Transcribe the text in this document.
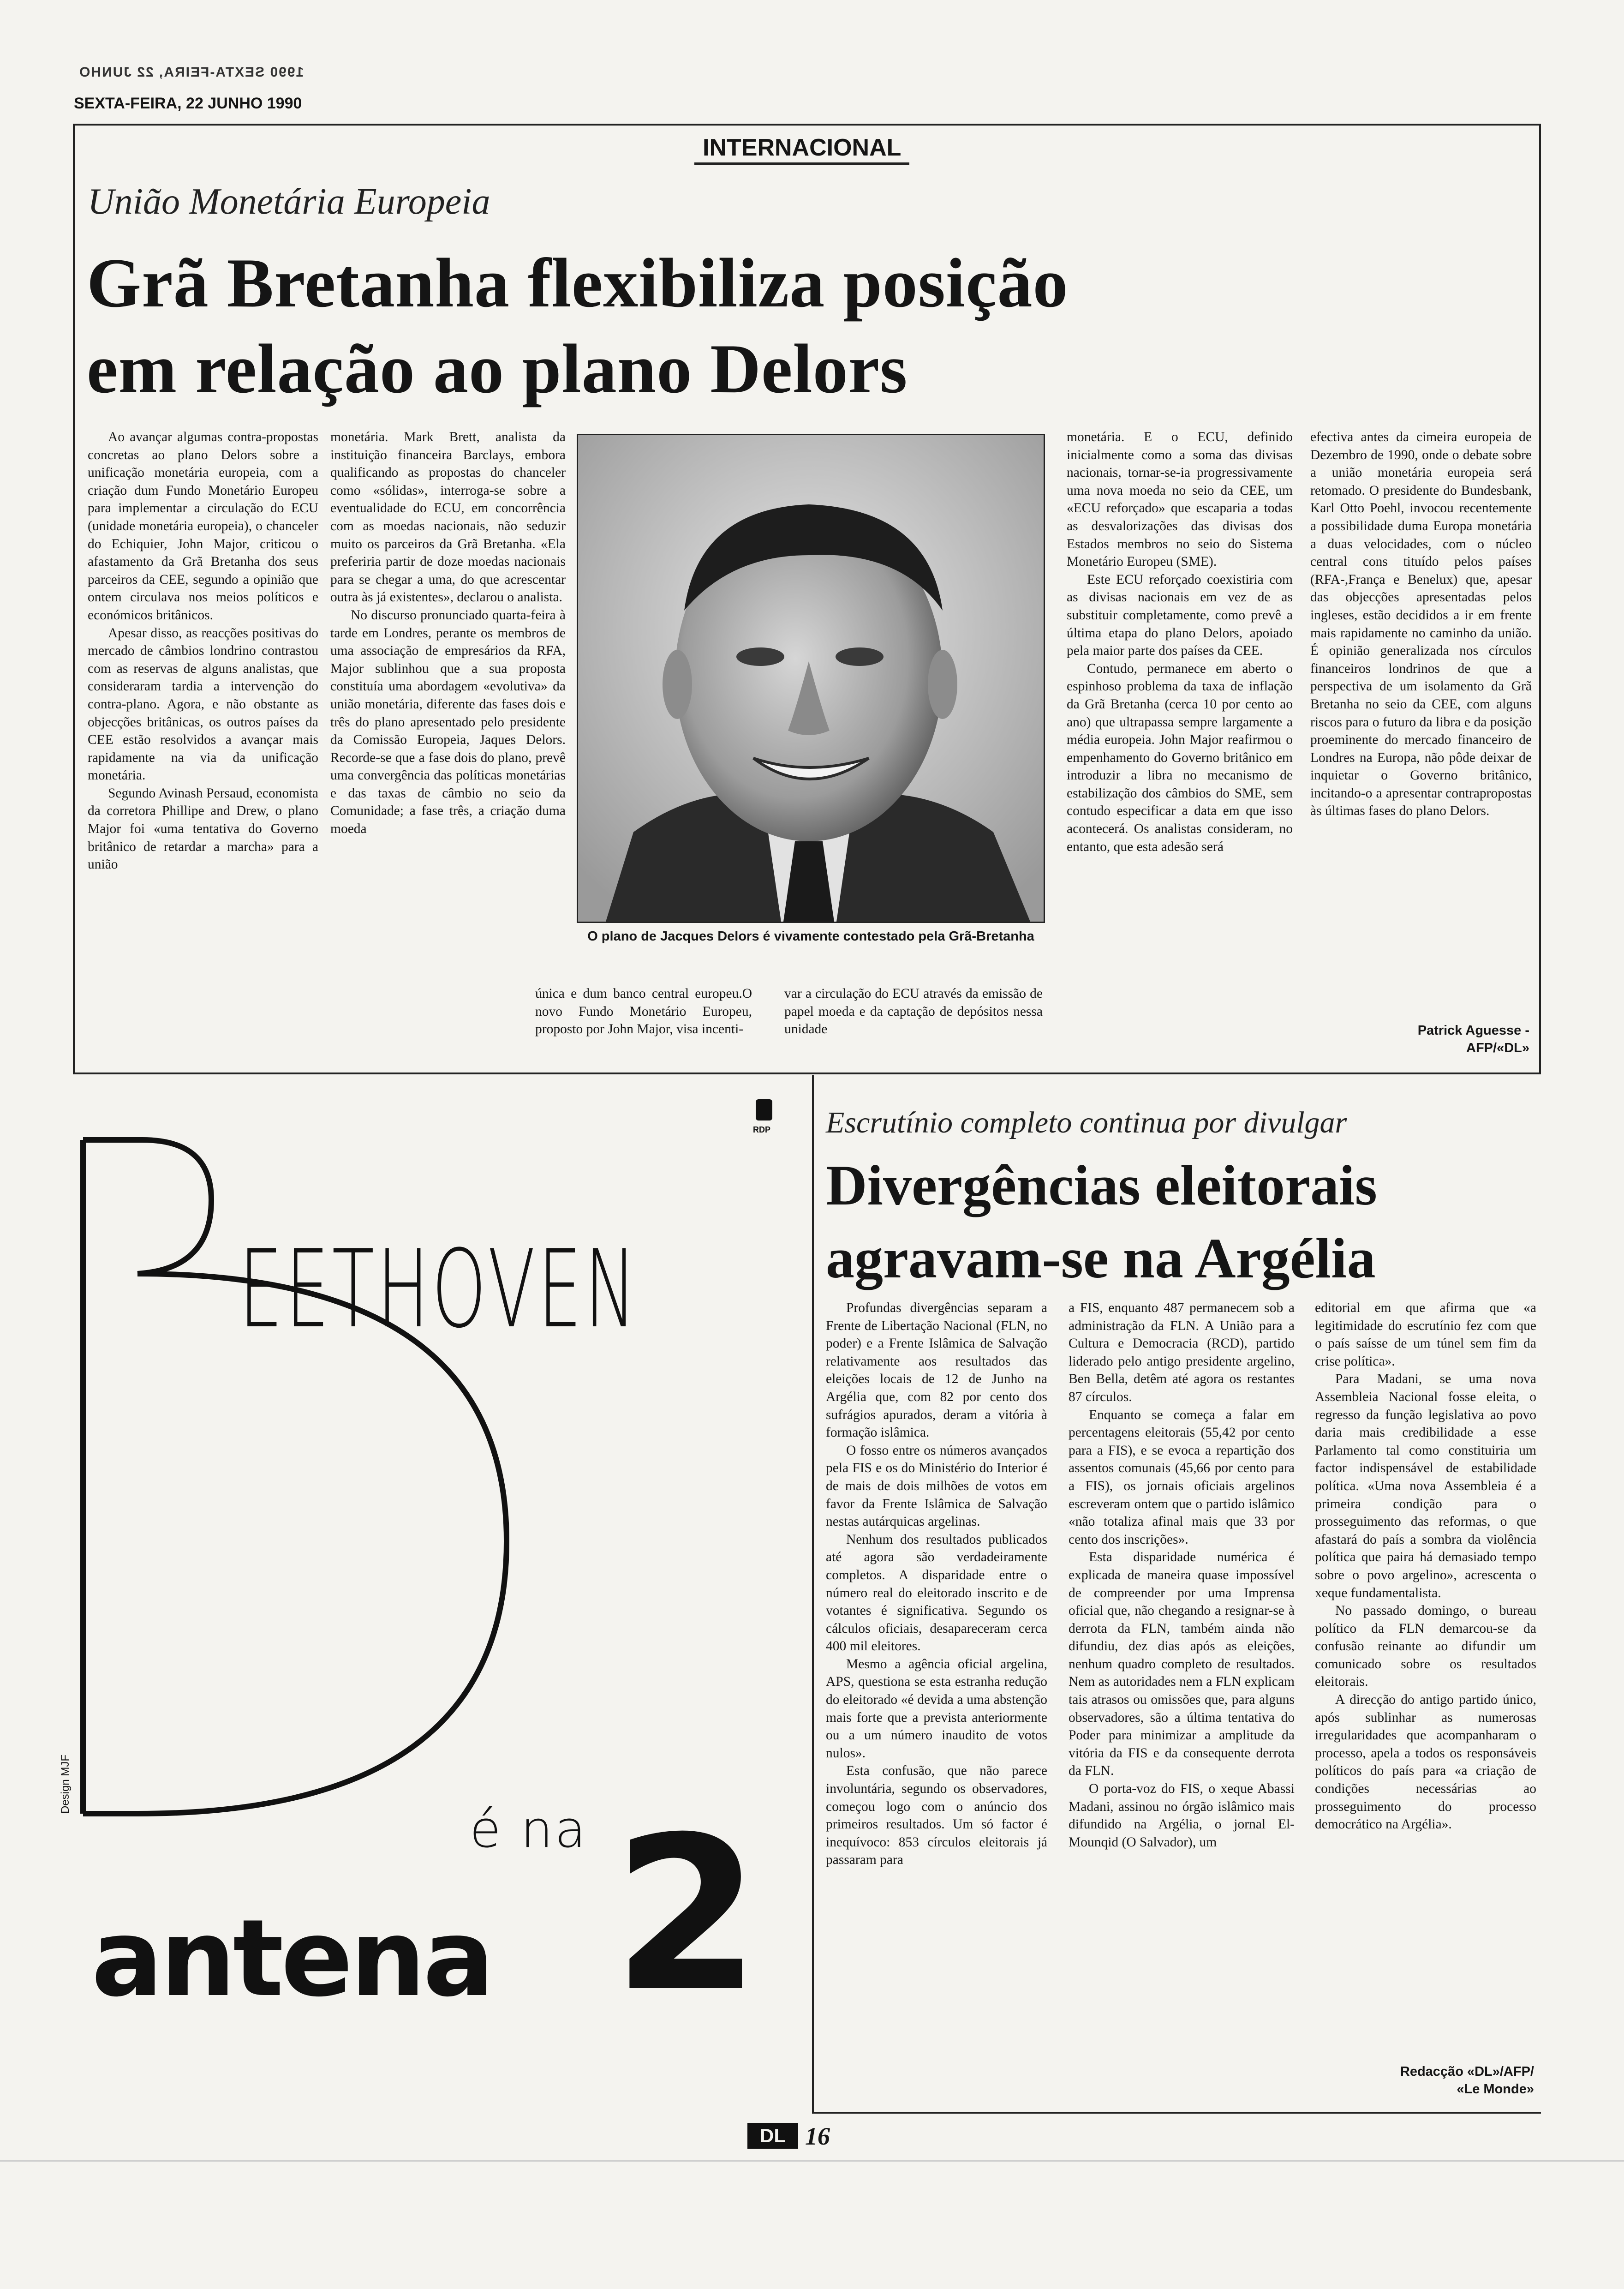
1990 SEXTA-FEIRA, 22 JUNHO
SEXTA-FEIRA, 22 JUNHO 1990
INTERNACIONAL
União Monetária Europeia
Grã Bretanha flexibiliza posição
em relação ao plano Delors

Ao avançar algumas contra-propostas concretas ao plano Delors sobre a unificação monetária europeia, com a criação dum Fundo Monetário Europeu para implementar a circulação do ECU (unidade monetária europeia), o chanceler do Echiquier, John Major, criticou o afastamento da Grã Bretanha dos seus parceiros da CEE, segundo a opinião que ontem circulava nos meios políticos e económicos britânicos.

Apesar disso, as reacções positivas do mercado de câmbios londrino contrastou com as reservas de alguns analistas, que consideraram tardia a intervenção do contra-plano. Agora, e não obstante as objecções britânicas, os outros países da CEE estão resolvidos a avançar mais rapidamente na via da unificação monetária.

Segundo Avinash Persaud, economista da corretora Phillipe and Drew, o plano Major foi «uma tentativa do Governo britânico de retardar a marcha» para a união

monetária. Mark Brett, analista da instituição financeira Barclays, embora qualificando as propostas do chanceler como «sólidas», interroga-se sobre a eventualidade do ECU, em concorrência com as moedas nacionais, não seduzir muito os parceiros da Grã Bretanha. «Ela preferiria partir de doze moedas nacionais para se chegar a uma, do que acrescentar outra às já existentes», declarou o analista.

No discurso pronunciado quarta-feira à tarde em Londres, perante os membros de uma associação de empresários da RFA, Major sublinhou que a sua proposta constituía uma abordagem «evolutiva» da união monetária, diferente das fases dois e três do plano apresentado pelo presidente da Comissão Europeia, Jaques Delors. Recorde-se que a fase dois do plano, prevê uma convergência das políticas monetárias e das taxas de câmbio no seio da Comunidade; a fase três, a criação duma moeda

O plano de Jacques Delors é vivamente contestado pela Grã-Bretanha

única e dum banco central europeu.O novo Fundo Monetário Europeu, proposto por John Major, visa incenti-

var a circulação do ECU através da emissão de papel moeda e da captação de depósitos nessa unidade

monetária. E o ECU, definido inicialmente como a soma das divisas nacionais, tornar-se-ia progressivamente uma nova moeda no seio da CEE, um «ECU reforçado» que escaparia a todas as desvalorizações das divisas dos Estados membros no seio do Sistema Monetário Europeu (SME).

Este ECU reforçado coexistiria com as divisas nacionais em vez de as substituir completamente, como prevê a última etapa do plano Delors, apoiado pela maior parte dos países da CEE.

Contudo, permanece em aberto o espinhoso problema da taxa de inflação da Grã Bretanha (cerca 10 por cento ao ano) que ultrapassa sempre largamente a média europeia. John Major reafirmou o empenhamento do Governo britânico em introduzir a libra no mecanismo de estabilização dos câmbios do SME, sem contudo especificar a data em que isso acontecerá. Os analistas consideram, no entanto, que esta adesão será

efectiva antes da cimeira europeia de Dezembro de 1990, onde o debate sobre a união monetária europeia será retomado. O presidente do Bundesbank, Karl Otto Poehl, invocou recentemente a possibilidade duma Europa monetária a duas velocidades, com o núcleo central cons tituído pelos países (RFA-,França e Benelux) que, apesar das objecções apresentadas pelos ingleses, estão decididos a ir em frente mais rapidamente no caminho da união. É opinião generalizada nos círculos financeiros londrinos de que a perspectiva de um isolamento da Grã Bretanha no seio da CEE, com alguns riscos para o futuro da libra e da posição proeminente do mercado financeiro de Londres na Europa, não pôde deixar de inquietar o Governo britânico, incitando-o a apresentar contrapropostas às últimas fases do plano Delors.

Patrick Aguesse -
AFP/«DL»
EETHOVEN
é na
antena 2
RDP
Design MJF
Escrutínio completo continua por divulgar
Divergências eleitorais
agravam-se na Argélia

Profundas divergências separam a Frente de Libertação Nacional (FLN, no poder) e a Frente Islâmica de Salvação relativamente aos resultados das eleições locais de 12 de Junho na Argélia que, com 82 por cento dos sufrágios apurados, deram a vitória à formação islâmica.

O fosso entre os números avançados pela FIS e os do Ministério do Interior é de mais de dois milhões de votos em favor da Frente Islâmica de Salvação nestas autárquicas argelinas.

Nenhum dos resultados publicados até agora são verdadeiramente completos. A disparidade entre o número real do eleitorado inscrito e de votantes é significativa. Segundo os cálculos oficiais, desapareceram cerca 400 mil eleitores.

Mesmo a agência oficial argelina, APS, questiona se esta estranha redução do eleitorado «é devida a uma abstenção mais forte que a prevista anteriormente ou a um número inaudito de votos nulos».

Esta confusão, que não parece involuntária, segundo os observadores, começou logo com o anúncio dos primeiros resultados. Um só factor é inequívoco: 853 círculos eleitorais já passaram para

a FIS, enquanto 487 permanecem sob a administração da FLN. A União para a Cultura e Democracia (RCD), partido liderado pelo antigo presidente argelino, Ben Bella, detêm até agora os restantes 87 círculos.

Enquanto se começa a falar em percentagens eleitorais (55,42 por cento para a FIS), e se evoca a repartição dos assentos comunais (45,66 por cento para a FIS), os jornais oficiais argelinos escreveram ontem que o partido islâmico «não totaliza afinal mais que 33 por cento dos inscrições».

Esta disparidade numérica é explicada de maneira quase impossível de compreender por uma Imprensa oficial que, não chegando a resignar-se à derrota da FLN, também ainda não difundiu, dez dias após as eleições, nenhum quadro completo de resultados. Nem as autoridades nem a FLN explicam tais atrasos ou omissões que, para alguns observadores, são a última tentativa do Poder para minimizar a amplitude da vitória da FIS e da consequente derrota da FLN.

O porta-voz do FIS, o xeque Abassi Madani, assinou no órgão islâmico mais difundido na Argélia, o jornal El-Mounqid (O Salvador), um

editorial em que afirma que «a legitimidade do escrutínio fez com que o país saísse de um túnel sem fim da crise política».

Para Madani, se uma nova Assembleia Nacional fosse eleita, o regresso da função legislativa ao povo daria mais credibilidade a esse Parlamento tal como constituiria um factor indispensável de estabilidade política. «Uma nova Assembleia é a primeira condição para o prosseguimento das reformas, o que afastará do país a sombra da violência política que paira há demasiado tempo sobre o povo argelino», acrescenta o xeque fundamentalista.

No passado domingo, o bureau político da FLN demarcou-se da confusão reinante ao difundir um comunicado sobre os resultados eleitorais.

A direcção do antigo partido único, após sublinhar as numerosas irregularidades que acompanharam o processo, apela a todos os responsáveis políticos do país para «a criação de condições necessárias ao prosseguimento do processo democrático na Argélia».

Redacção «DL»/AFP/
«Le Monde»
DL 16
